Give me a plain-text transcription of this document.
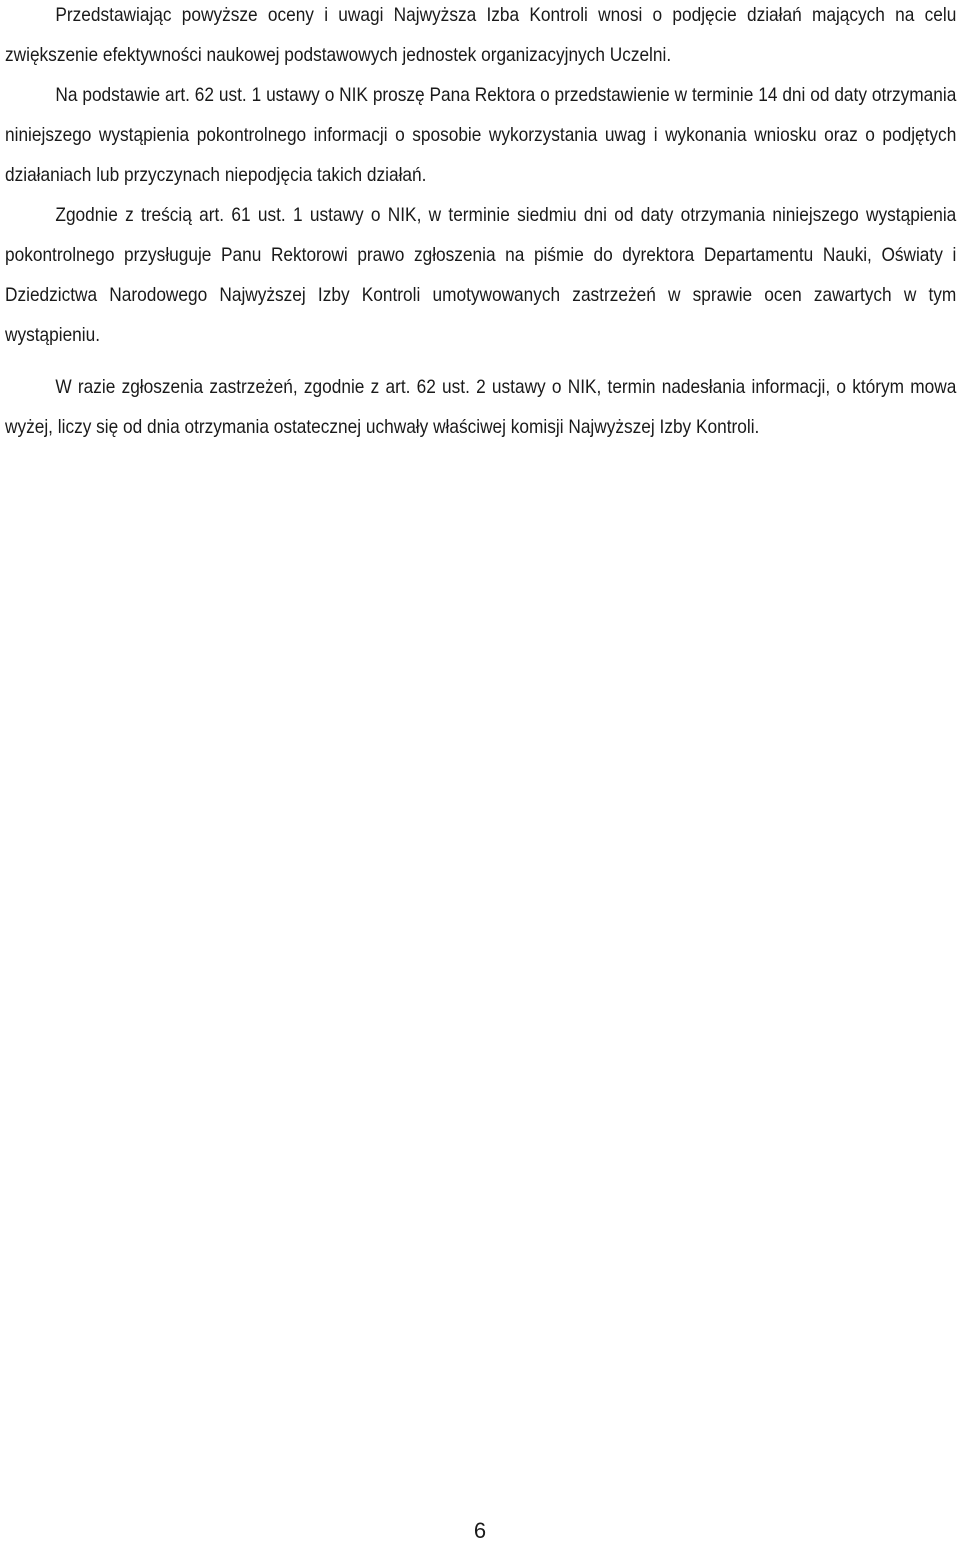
Przedstawiając powyższe oceny i uwagi Najwyższa Izba Kontroli wnosi o podjęcie działań mających na celu zwiększenie efektywności naukowej podstawowych jednostek organizacyjnych Uczelni.

Na podstawie art. 62 ust. 1 ustawy o NIK proszę Pana Rektora o przedstawienie w terminie 14 dni od daty otrzymania niniejszego wystąpienia pokontrolnego informacji o sposobie wykorzystania uwag i wykonania wniosku oraz o podjętych działaniach lub przyczynach niepodjęcia takich działań.

Zgodnie z treścią art. 61 ust. 1 ustawy o NIK, w terminie siedmiu dni od daty otrzymania niniejszego wystąpienia pokontrolnego przysługuje Panu Rektorowi prawo zgłoszenia na piśmie do dyrektora Departamentu Nauki, Oświaty i Dziedzictwa Narodowego Najwyższej Izby Kontroli umotywowanych zastrzeżeń w sprawie ocen zawartych w tym wystąpieniu.

W razie zgłoszenia zastrzeżeń, zgodnie z art. 62 ust. 2 ustawy o NIK, termin nadesłania informacji, o którym mowa wyżej, liczy się od dnia otrzymania ostatecznej uchwały właściwej komisji Najwyższej Izby Kontroli.

6
